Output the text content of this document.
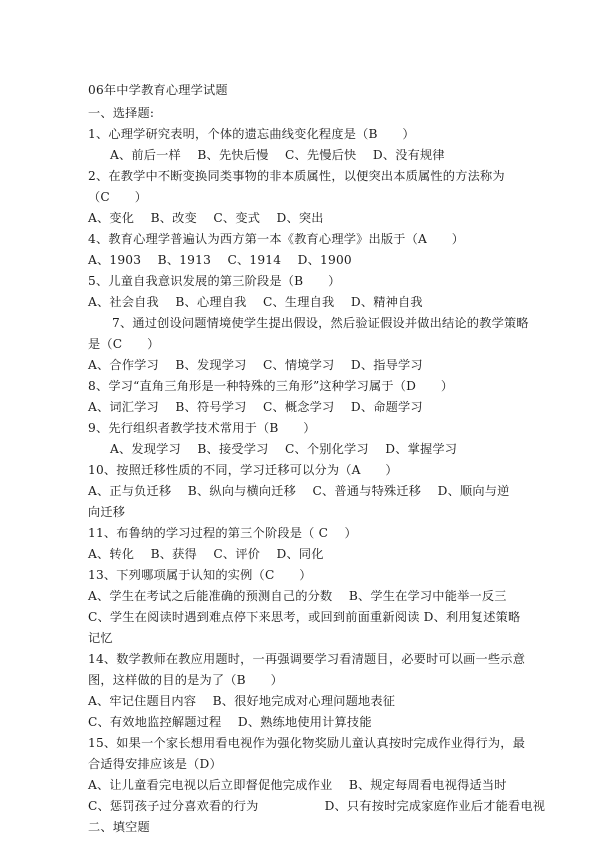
06年中学教育心理学试题
一、选择题:
1、心理学研究表明，个体的遗忘曲线变化程度是（B　　）
A、前后一样　 B、先快后慢　 C、先慢后快　 D、没有规律
2、在教学中不断变换同类事物的非本质属性，以便突出本质属性的方法称为
（C　　）
A、变化　 B、改变　 C、变式　 D、突出
4、教育心理学普遍认为西方第一本《教育心理学》出版于（A　　）
A、1903　 B、1913　 C、1914　 D、1900
5、儿童自我意识发展的第三阶段是（B　　）
A、社会自我　 B、心理自我　 C、生理自我　 D、精神自我
7、通过创设问题情境使学生提出假设，然后验证假设并做出结论的教学策略
是（C　　）
A、合作学习　 B、发现学习　 C、情境学习　 D、指导学习
8、学习“直角三角形是一种特殊的三角形”这种学习属于（D　　）
A、词汇学习　 B、符号学习　 C、概念学习　 D、命题学习
9、先行组织者教学技术常用于（B　　）
A、发现学习　 B、接受学习　 C、个别化学习　 D、掌握学习
10、按照迁移性质的不同，学习迁移可以分为（A　　）
A、正与负迁移　 B、纵向与横向迁移　 C、普通与特殊迁移　 D、顺向与逆
向迁移
11、布鲁纳的学习过程的第三个阶段是（ C　 ）
A、转化　 B、获得　 C、评价　 D、同化
13、下列哪项属于认知的实例（C　　）
A、学生在考试之后能准确的预测自己的分数　 B、学生在学习中能举一反三
C、学生在阅读时遇到难点停下来思考，或回到前面重新阅读 D、利用复述策略
记忆
14、数学教师在教应用题时，一再强调要学习看清题目，必要时可以画一些示意
图，这样做的目的是为了（B　　）
A、牢记住题目内容　 B、很好地完成对心理问题地表征
C、有效地监控解题过程　 D、熟练地使用计算技能
15、如果一个家长想用看电视作为强化物奖励儿童认真按时完成作业得行为，最
合适得安排应该是（D）
A、让儿童看完电视以后立即督促他完成作业　 B、规定每周看电视得适当时
C、惩罚孩子过分喜欢看的行为　　　　　 D、只有按时完成家庭作业后才能看电视
二、填空题
